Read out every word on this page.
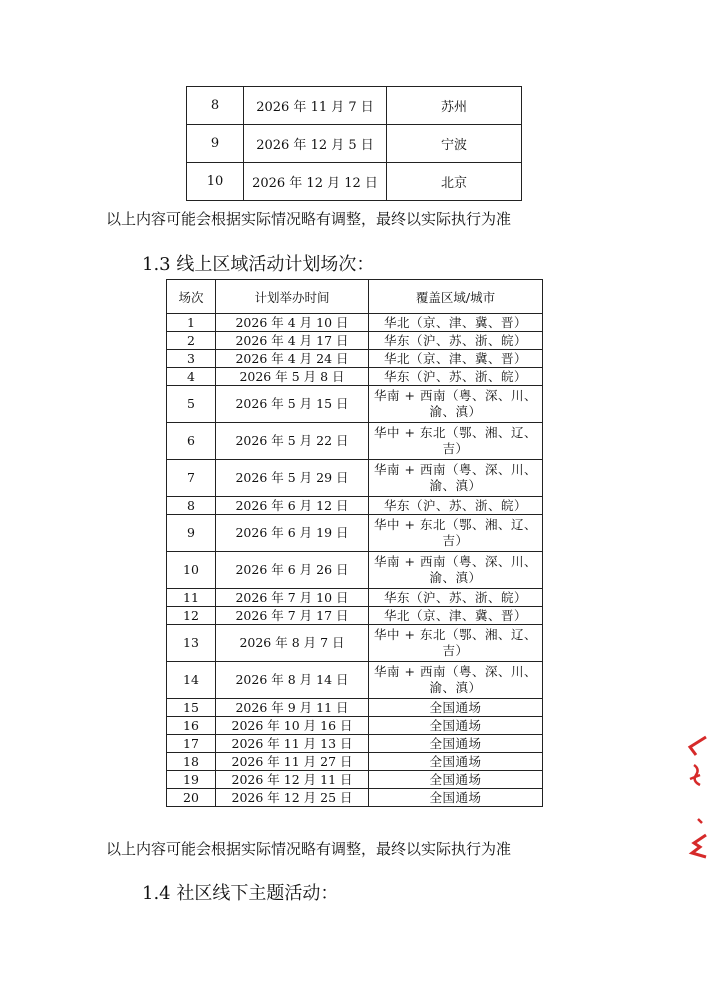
8	2026 年 11 月 7 日	苏州
9	2026 年 12 月 5 日	宁波
10	2026 年 12 月 12 日	北京
以上内容可能会根据实际情况略有调整，最终以实际执行为准
1.3 线上区域活动计划场次：
场次	计划举办时间	覆盖区域/城市
1	2026 年 4 月 10 日	华北（京、津、冀、晋）
2	2026 年 4 月 17 日	华东（沪、苏、浙、皖）
3	2026 年 4 月 24 日	华北（京、津、冀、晋）
4	2026 年 5 月 8 日	华东（沪、苏、浙、皖）
5	2026 年 5 月 15 日	华南 + 西南（粤、深、川、渝、滇）
6	2026 年 5 月 22 日	华中 + 东北（鄂、湘、辽、吉）
7	2026 年 5 月 29 日	华南 + 西南（粤、深、川、渝、滇）
8	2026 年 6 月 12 日	华东（沪、苏、浙、皖）
9	2026 年 6 月 19 日	华中 + 东北（鄂、湘、辽、吉）
10	2026 年 6 月 26 日	华南 + 西南（粤、深、川、渝、滇）
11	2026 年 7 月 10 日	华东（沪、苏、浙、皖）
12	2026 年 7 月 17 日	华北（京、津、冀、晋）
13	2026 年 8 月 7 日	华中 + 东北（鄂、湘、辽、吉）
14	2026 年 8 月 14 日	华南 + 西南（粤、深、川、渝、滇）
15	2026 年 9 月 11 日	全国通场
16	2026 年 10 月 16 日	全国通场
17	2026 年 11 月 13 日	全国通场
18	2026 年 11 月 27 日	全国通场
19	2026 年 12 月 11 日	全国通场
20	2026 年 12 月 25 日	全国通场
以上内容可能会根据实际情况略有调整，最终以实际执行为准
1.4 社区线下主题活动：
